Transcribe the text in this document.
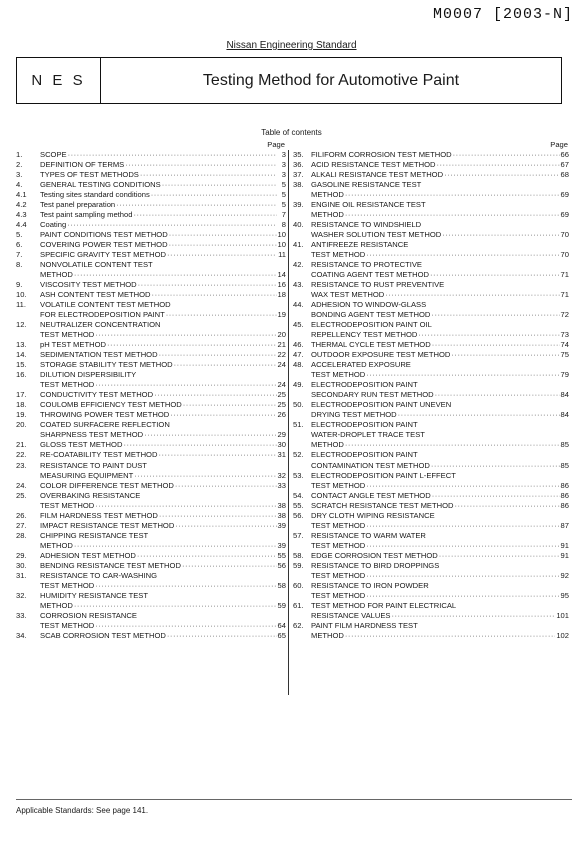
M0007 [2003-N]
Nissan Engineering Standard
N E S	Testing Method for Automotive Paint
Table of contents
Page
1.	SCOPE ·····	3
2.	DEFINITION OF TERMS ·····	3
3.	TYPES OF TEST METHODS ·····	3
4.	GENERAL TESTING CONDITIONS ·····	5
4.1	Testing sites standard conditions ·····	5
4.2	Test panel preparation ·····	5
4.3	Test paint sampling method ·····	7
4.4	Coating ·····	8
5.	PAINT CONDITIONS TEST METHOD ·····	10
6.	COVERING POWER TEST METHOD ·····	10
7.	SPECIFIC GRAVITY TEST METHOD ·····	11
8.	NONVOLATILE CONTENT TEST
METHOD ·····	14
9.	VISCOSITY TEST METHOD ·····	16
10.	ASH CONTENT TEST METHOD ·····	18
11.	VOLATILE CONTENT TEST METHOD
FOR ELECTRODEPOSITION PAINT ·····	19
12.	NEUTRALIZER CONCENTRATION
TEST METHOD ·····	20
13.	pH TEST METHOD ·····	21
14.	SEDIMENTATION TEST METHOD ·····	22
15.	STORAGE STABILITY TEST METHOD ·····	24
16.	DILUTION DISPERSIBILITY
TEST METHOD ·····	24
17.	CONDUCTIVITY TEST METHOD ·····	25
18.	COULOMB EFFICIENCY TEST METHOD ·····	25
19.	THROWING POWER TEST METHOD ·····	26
20.	COATED SURFACERE REFLECTION
SHARPNESS TEST METHOD ·····	29
21.	GLOSS TEST METHOD ·····	30
22.	RE-COATABILITY TEST METHOD ·····	31
23.	RESISTANCE TO PAINT DUST
MEASURING EQUIPMENT ·····	32
24.	COLOR DIFFERENCE TEST METHOD ·····	33
25.	OVERBAKING RESISTANCE
TEST METHOD ·····	38
26.	FILM HARDNESS TEST METHOD ·····	38
27.	IMPACT RESISTANCE TEST METHOD ·····	39
28.	CHIPPING RESISTANCE TEST
METHOD ·····	39
29.	ADHESION TEST METHOD ·····	55
30.	BENDING RESISTANCE TEST METHOD ·····	56
31.	RESISTANCE TO CAR-WASHING
TEST METHOD ·····	58
32.	HUMIDITY RESISTANCE TEST
METHOD ·····	59
33.	CORROSION RESISTANCE
TEST METHOD ·····	64
34.	SCAB CORROSION TEST METHOD ·····	65
Page
35. FILIFORM CORROSION TEST METHOD ·····	66
36. ACID RESISTANCE TEST METHOD ·····	67
37. ALKALI RESISTANCE TEST METHOD ·····	68
38. GASOLINE RESISTANCE TEST
METHOD ·····	69
39. ENGINE OIL RESISTANCE TEST
METHOD ·····	69
40. RESISTANCE TO WINDSHIELD
WASHER SOLUTION TEST METHOD ·····	70
41. ANTIFREEZE RESISTANCE
TEST METHOD ·····	70
42. RESISTANCE TO PROTECTIVE
COATING AGENT TEST METHOD ·····	71
43. RESISTANCE TO RUST PREVENTIVE
WAX TEST METHOD ·····	71
44. ADHESION TO WINDOW-GLASS
BONDING AGENT TEST METHOD ·····	72
45. ELECTRODEPOSITION PAINT OIL
REPELLENCY TEST METHOD ·····	73
46. THERMAL CYCLE TEST METHOD ·····	74
47. OUTDOOR EXPOSURE TEST METHOD ·····	75
48. ACCELERATED EXPOSURE
TEST METHOD ·····	79
49. ELECTRODEPOSITION PAINT
SECONDARY RUN TEST METHOD ·····	84
50. ELECTRODEPOSITION PAINT UNEVEN
DRYING TEST METHOD ·····	84
51. ELECTRODEPOSITION PAINT
WATER-DROPLET TRACE TEST
METHOD ·····	85
52. ELECTRODEPOSITION PAINT
CONTAMINATION TEST METHOD ·····	85
53. ELECTRODEPOSITION PAINT L-EFFECT
TEST METHOD ·····	86
54. CONTACT ANGLE TEST METHOD ·····	86
55. SCRATCH RESISTANCE TEST METHOD ·····	86
56. DRY CLOTH WIPING RESISTANCE
TEST METHOD ·····	87
57. RESISTANCE TO WARM WATER
TEST METHOD ·····	91
58. EDGE CORROSION TEST METHOD ·····	91
59. RESISTANCE TO BIRD DROPPINGS
TEST METHOD ·····	92
60. RESISTANCE TO IRON POWDER
TEST METHOD ·····	95
61. TEST METHOD FOR PAINT ELECTRICAL
RESISTANCE VALUES ·····	101
62. PAINT FILM HARDNESS TEST
METHOD ·····	102
Applicable Standards: See page 141.
